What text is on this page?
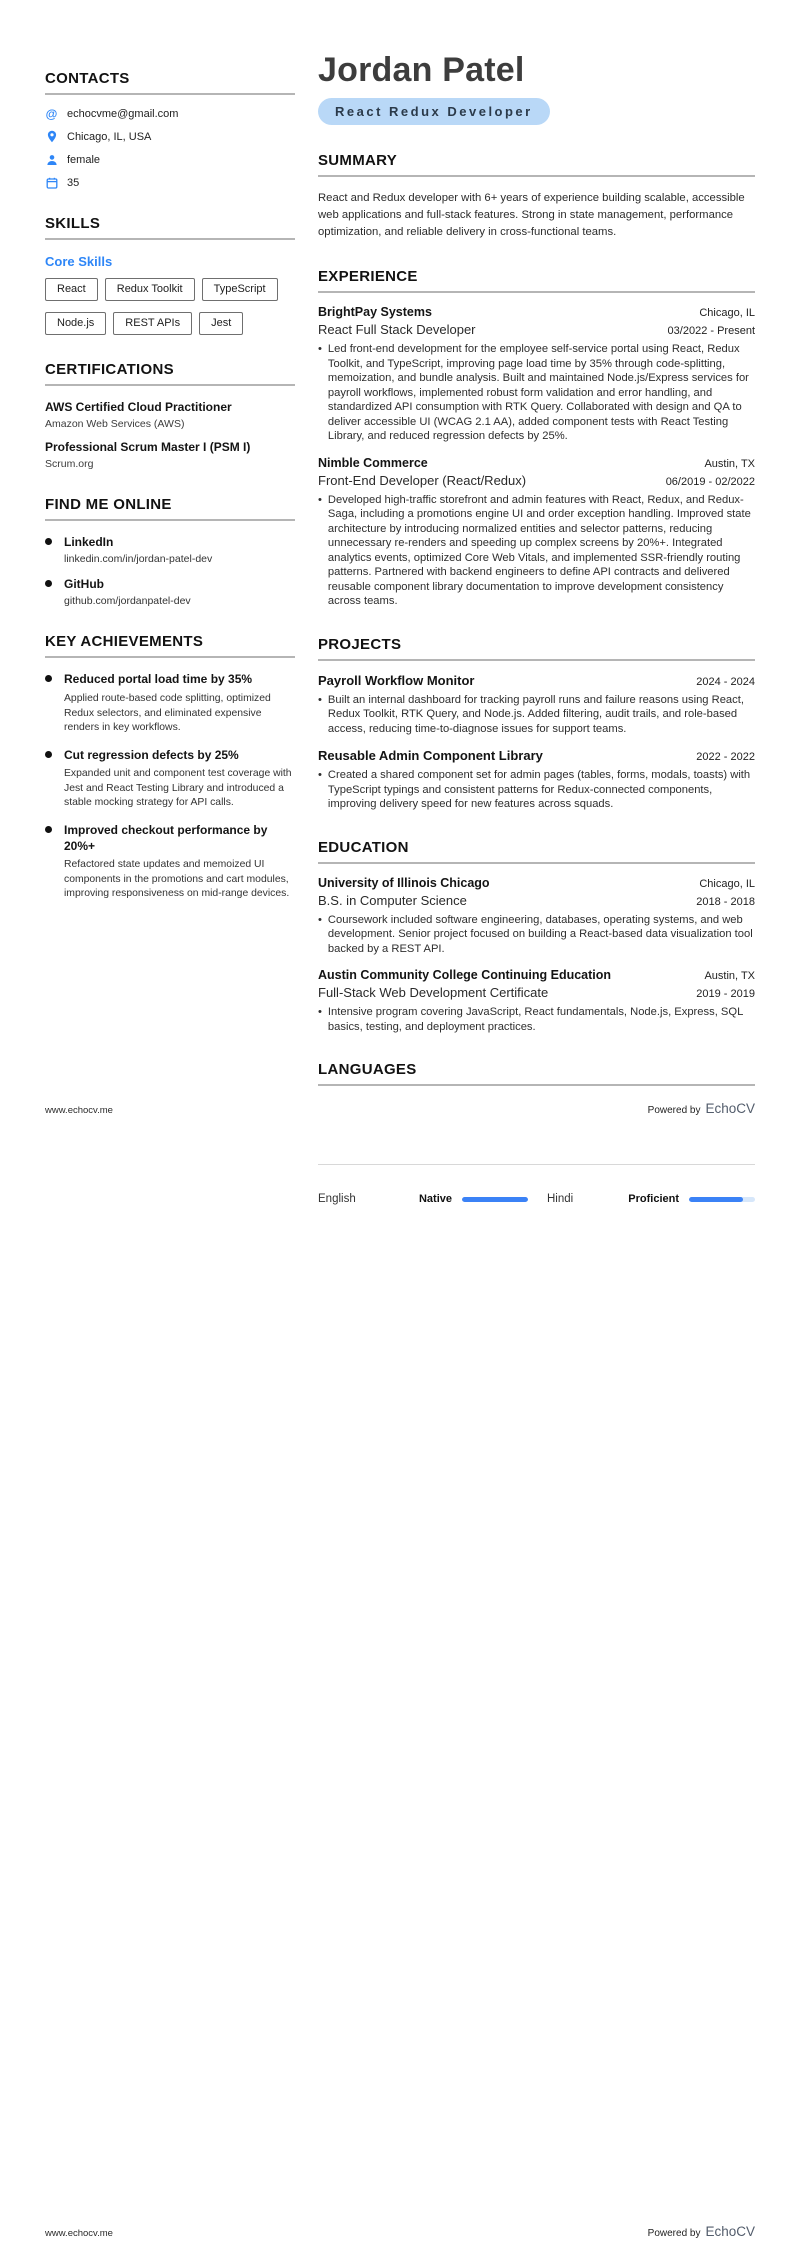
CONTACTS
@ echocvme@gmail.com
Chicago, IL, USA
female
35
SKILLS
Core Skills
React	Redux Toolkit	TypeScript
Node.js	REST APIs	Jest
CERTIFICATIONS
AWS Certified Cloud Practitioner
Amazon Web Services (AWS)
Professional Scrum Master I (PSM I)
Scrum.org
FIND ME ONLINE
LinkedIn
linkedin.com/in/jordan-patel-dev
GitHub
github.com/jordanpatel-dev
KEY ACHIEVEMENTS
Reduced portal load time by 35%
Applied route-based code splitting, optimized Redux selectors, and eliminated expensive renders in key workflows.
Cut regression defects by 25%
Expanded unit and component test coverage with Jest and React Testing Library and introduced a stable mocking strategy for API calls.
Improved checkout performance by 20%+
Refactored state updates and memoized UI components in the promotions and cart modules, improving responsiveness on mid-range devices.
Jordan Patel
React Redux Developer
SUMMARY
React and Redux developer with 6+ years of experience building scalable, accessible web applications and full-stack features. Strong in state management, performance optimization, and reliable delivery in cross-functional teams.
EXPERIENCE
BrightPay Systems	Chicago, IL
React Full Stack Developer	03/2022 - Present
• Led front-end development for the employee self-service portal using React, Redux Toolkit, and TypeScript, improving page load time by 35% through code-splitting, memoization, and bundle analysis. Built and maintained Node.js/Express services for payroll workflows, implemented robust form validation and error handling, and standardized API consumption with RTK Query. Collaborated with design and QA to deliver accessible UI (WCAG 2.1 AA), added component tests with React Testing Library, and reduced regression defects by 25%.
Nimble Commerce	Austin, TX
Front-End Developer (React/Redux)	06/2019 - 02/2022
• Developed high-traffic storefront and admin features with React, Redux, and Redux-Saga, including a promotions engine UI and order exception handling. Improved state architecture by introducing normalized entities and selector patterns, reducing unnecessary re-renders and speeding up complex screens by 20%+. Integrated analytics events, optimized Core Web Vitals, and implemented SSR-friendly routing patterns. Partnered with backend engineers to define API contracts and delivered reusable component library documentation to improve development consistency across teams.
PROJECTS
Payroll Workflow Monitor	2024 - 2024
• Built an internal dashboard for tracking payroll runs and failure reasons using React, Redux Toolkit, RTK Query, and Node.js. Added filtering, audit trails, and role-based access, reducing time-to-diagnose issues for support teams.
Reusable Admin Component Library	2022 - 2022
• Created a shared component set for admin pages (tables, forms, modals, toasts) with TypeScript typings and consistent patterns for Redux-connected components, improving delivery speed for new features across squads.
EDUCATION
University of Illinois Chicago	Chicago, IL
B.S. in Computer Science	2018 - 2018
• Coursework included software engineering, databases, operating systems, and web development. Senior project focused on building a React-based data visualization tool backed by a REST API.
Austin Community College Continuing Education	Austin, TX
Full-Stack Web Development Certificate	2019 - 2019
• Intensive program covering JavaScript, React fundamentals, Node.js, Express, SQL basics, testing, and deployment practices.
LANGUAGES
www.echocv.me	Powered by EchoCV
English	Native	Hindi	Proficient
www.echocv.me	Powered by EchoCV
